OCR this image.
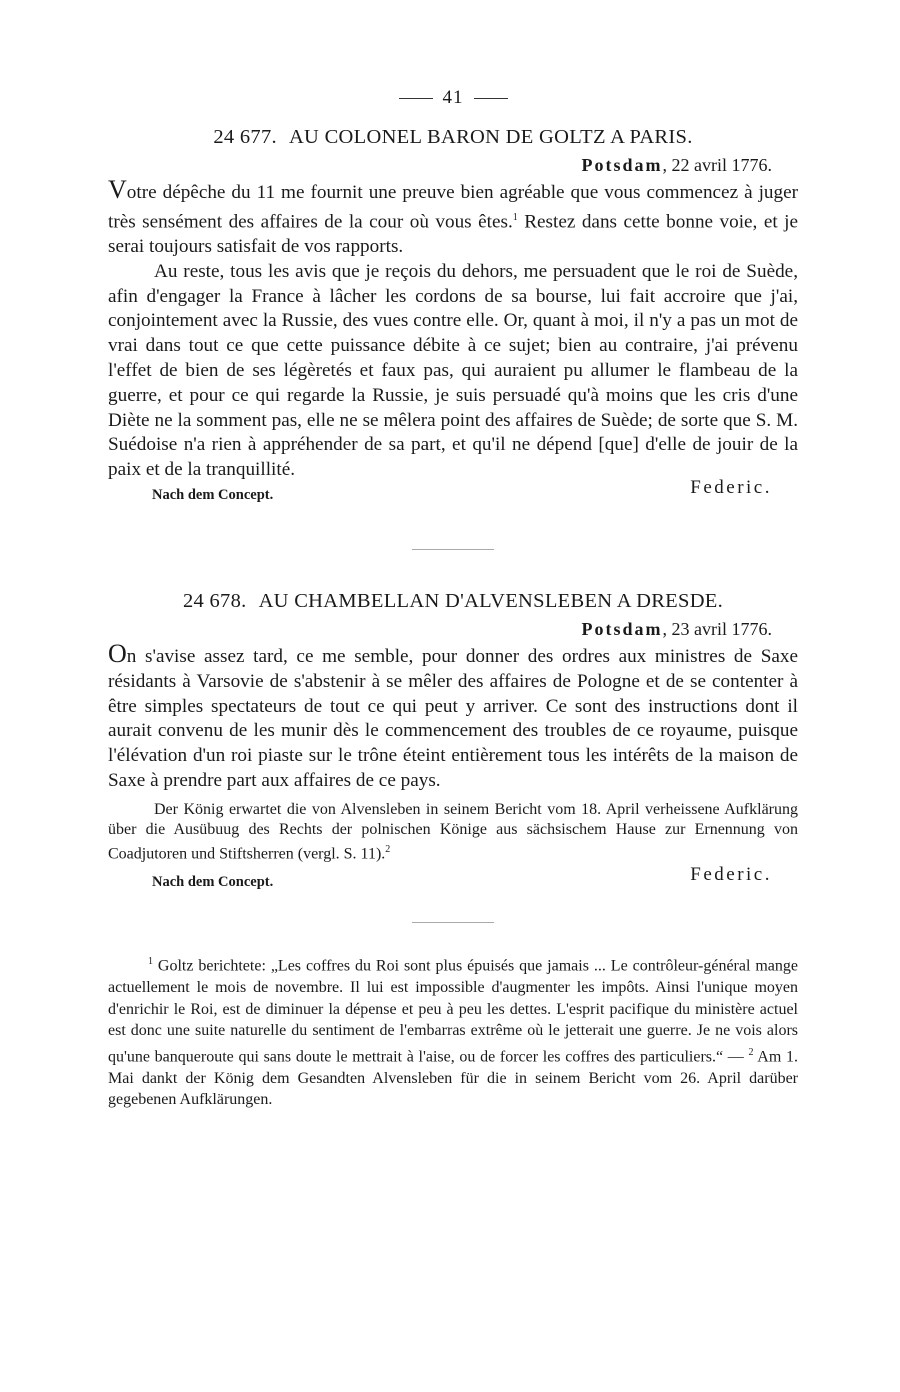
41
24 677. AU COLONEL BARON DE GOLTZ A PARIS.
Potsdam, 22 avril 1776.

Votre dépêche du 11 me fournit une preuve bien agréable que vous commencez à juger très sensément des affaires de la cour où vous êtes.$^1$ Restez dans cette bonne voie, et je serai toujours satisfait de vos rapports.

Au reste, tous les avis que je reçois du dehors, me persuadent que le roi de Suède, afin d'engager la France à lâcher les cordons de sa bourse, lui fait accroire que j'ai, conjointement avec la Russie, des vues contre elle. Or, quant à moi, il n'y a pas un mot de vrai dans tout ce que cette puissance débite à ce sujet; bien au contraire, j'ai prévenu l'effet de bien de ses légèretés et faux pas, qui auraient pu allumer le flambeau de la guerre, et pour ce qui regarde la Russie, je suis persuadé qu'à moins que les cris d'une Diète ne la somment pas, elle ne se mêlera point des affaires de Suède; de sorte que S. M. Suédoise n'a rien à appréhender de sa part, et qu'il ne dépend [que] d'elle de jouir de la paix et de la tranquillité.

Nach dem Concept.	Federic.
24 678. AU CHAMBELLAN D'ALVENSLEBEN A DRESDE.
Potsdam, 23 avril 1776.

On s'avise assez tard, ce me semble, pour donner des ordres aux ministres de Saxe résidants à Varsovie de s'abstenir à se mêler des affaires de Pologne et de se contenter à être simples spectateurs de tout ce qui peut y arriver. Ce sont des instructions dont il aurait convenu de les munir dès le commencement des troubles de ce royaume, puisque l'élévation d'un roi piaste sur le trône éteint entièrement tous les intérêts de la maison de Saxe à prendre part aux affaires de ce pays.

Der König erwartet die von Alvensleben in seinem Bericht vom 18. April verheissene Aufklärung über die Ausübuug des Rechts der polnischen Könige aus sächsischem Hause zur Ernennung von Coadjutoren und Stiftsherren (vergl. S. 11).$^2$

Nach dem Concept.	Federic.

$^1$ Goltz berichtete: „Les coffres du Roi sont plus épuisés que jamais ... Le contrôleur-général mange actuellement le mois de novembre. Il lui est impossible d'augmenter les impôts. Ainsi l'unique moyen d'enrichir le Roi, est de diminuer la dépense et peu à peu les dettes. L'esprit pacifique du ministère actuel est donc une suite naturelle du sentiment de l'embarras extrême où le jetterait une guerre. Je ne vois alors qu'une banqueroute qui sans doute le mettrait à l'aise, ou de forcer les coffres des particuliers.“ — $^2$ Am 1. Mai dankt der König dem Gesandten Alvensleben für die in seinem Bericht vom 26. April darüber gegebenen Aufklärungen.
